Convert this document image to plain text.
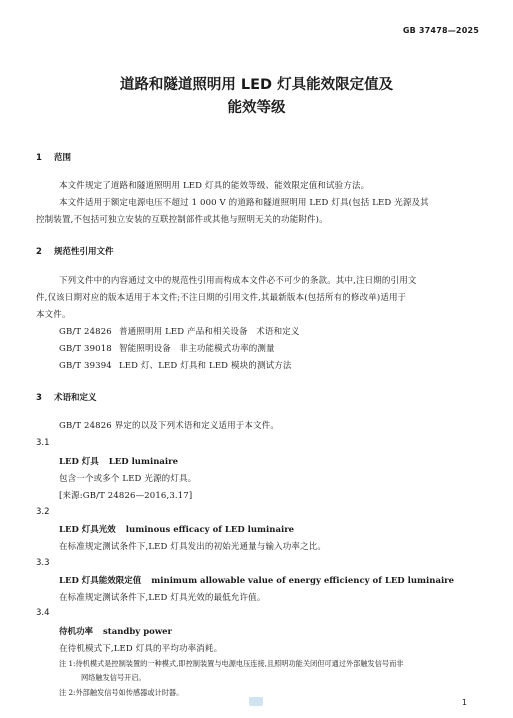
GB 37478—2025
道路和隧道照明用 LED 灯具能效限定值及
能效等级
1 范围
本文件规定了道路和隧道照明用 LED 灯具的能效等级、能效限定值和试验方法。
本文件适用于额定电源电压不超过 1 000 V 的道路和隧道照明用 LED 灯具(包括 LED 光源及其
控制装置,不包括可独立安装的互联控制部件或其他与照明无关的功能附件)。
2 规范性引用文件
下列文件中的内容通过文中的规范性引用而构成本文件必不可少的条款。其中,注日期的引用文
件,仅该日期对应的版本适用于本文件;不注日期的引用文件,其最新版本(包括所有的修改单)适用于
本文件。
GB/T 24826 普通照明用 LED 产品和相关设备　术语和定义
GB/T 39018 智能照明设备　非主功能模式功率的测量
GB/T 39394 LED 灯、LED 灯具和 LED 模块的测试方法
3 术语和定义
GB/T 24826 界定的以及下列术语和定义适用于本文件。
3.1
LED 灯具 LED luminaire
包含一个或多个 LED 光源的灯具。
[来源:GB/T 24826—2016,3.17]
3.2
LED 灯具光效 luminous efficacy of LED luminaire
在标准规定测试条件下,LED 灯具发出的初始光通量与输入功率之比。
3.3
LED 灯具能效限定值 minimum allowable value of energy efficiency of LED luminaire
在标准规定测试条件下,LED 灯具光效的最低允许值。
3.4
待机功率 standby power
在待机模式下,LED 灯具的平均功率消耗。
注 1:待机模式是控制装置的一种模式,即控制装置与电源电压连接,且照明功能关闭但可通过外部触发信号而非
网络触发信号开启。
注 2:外部触发信号如传感器或计时器。
1
